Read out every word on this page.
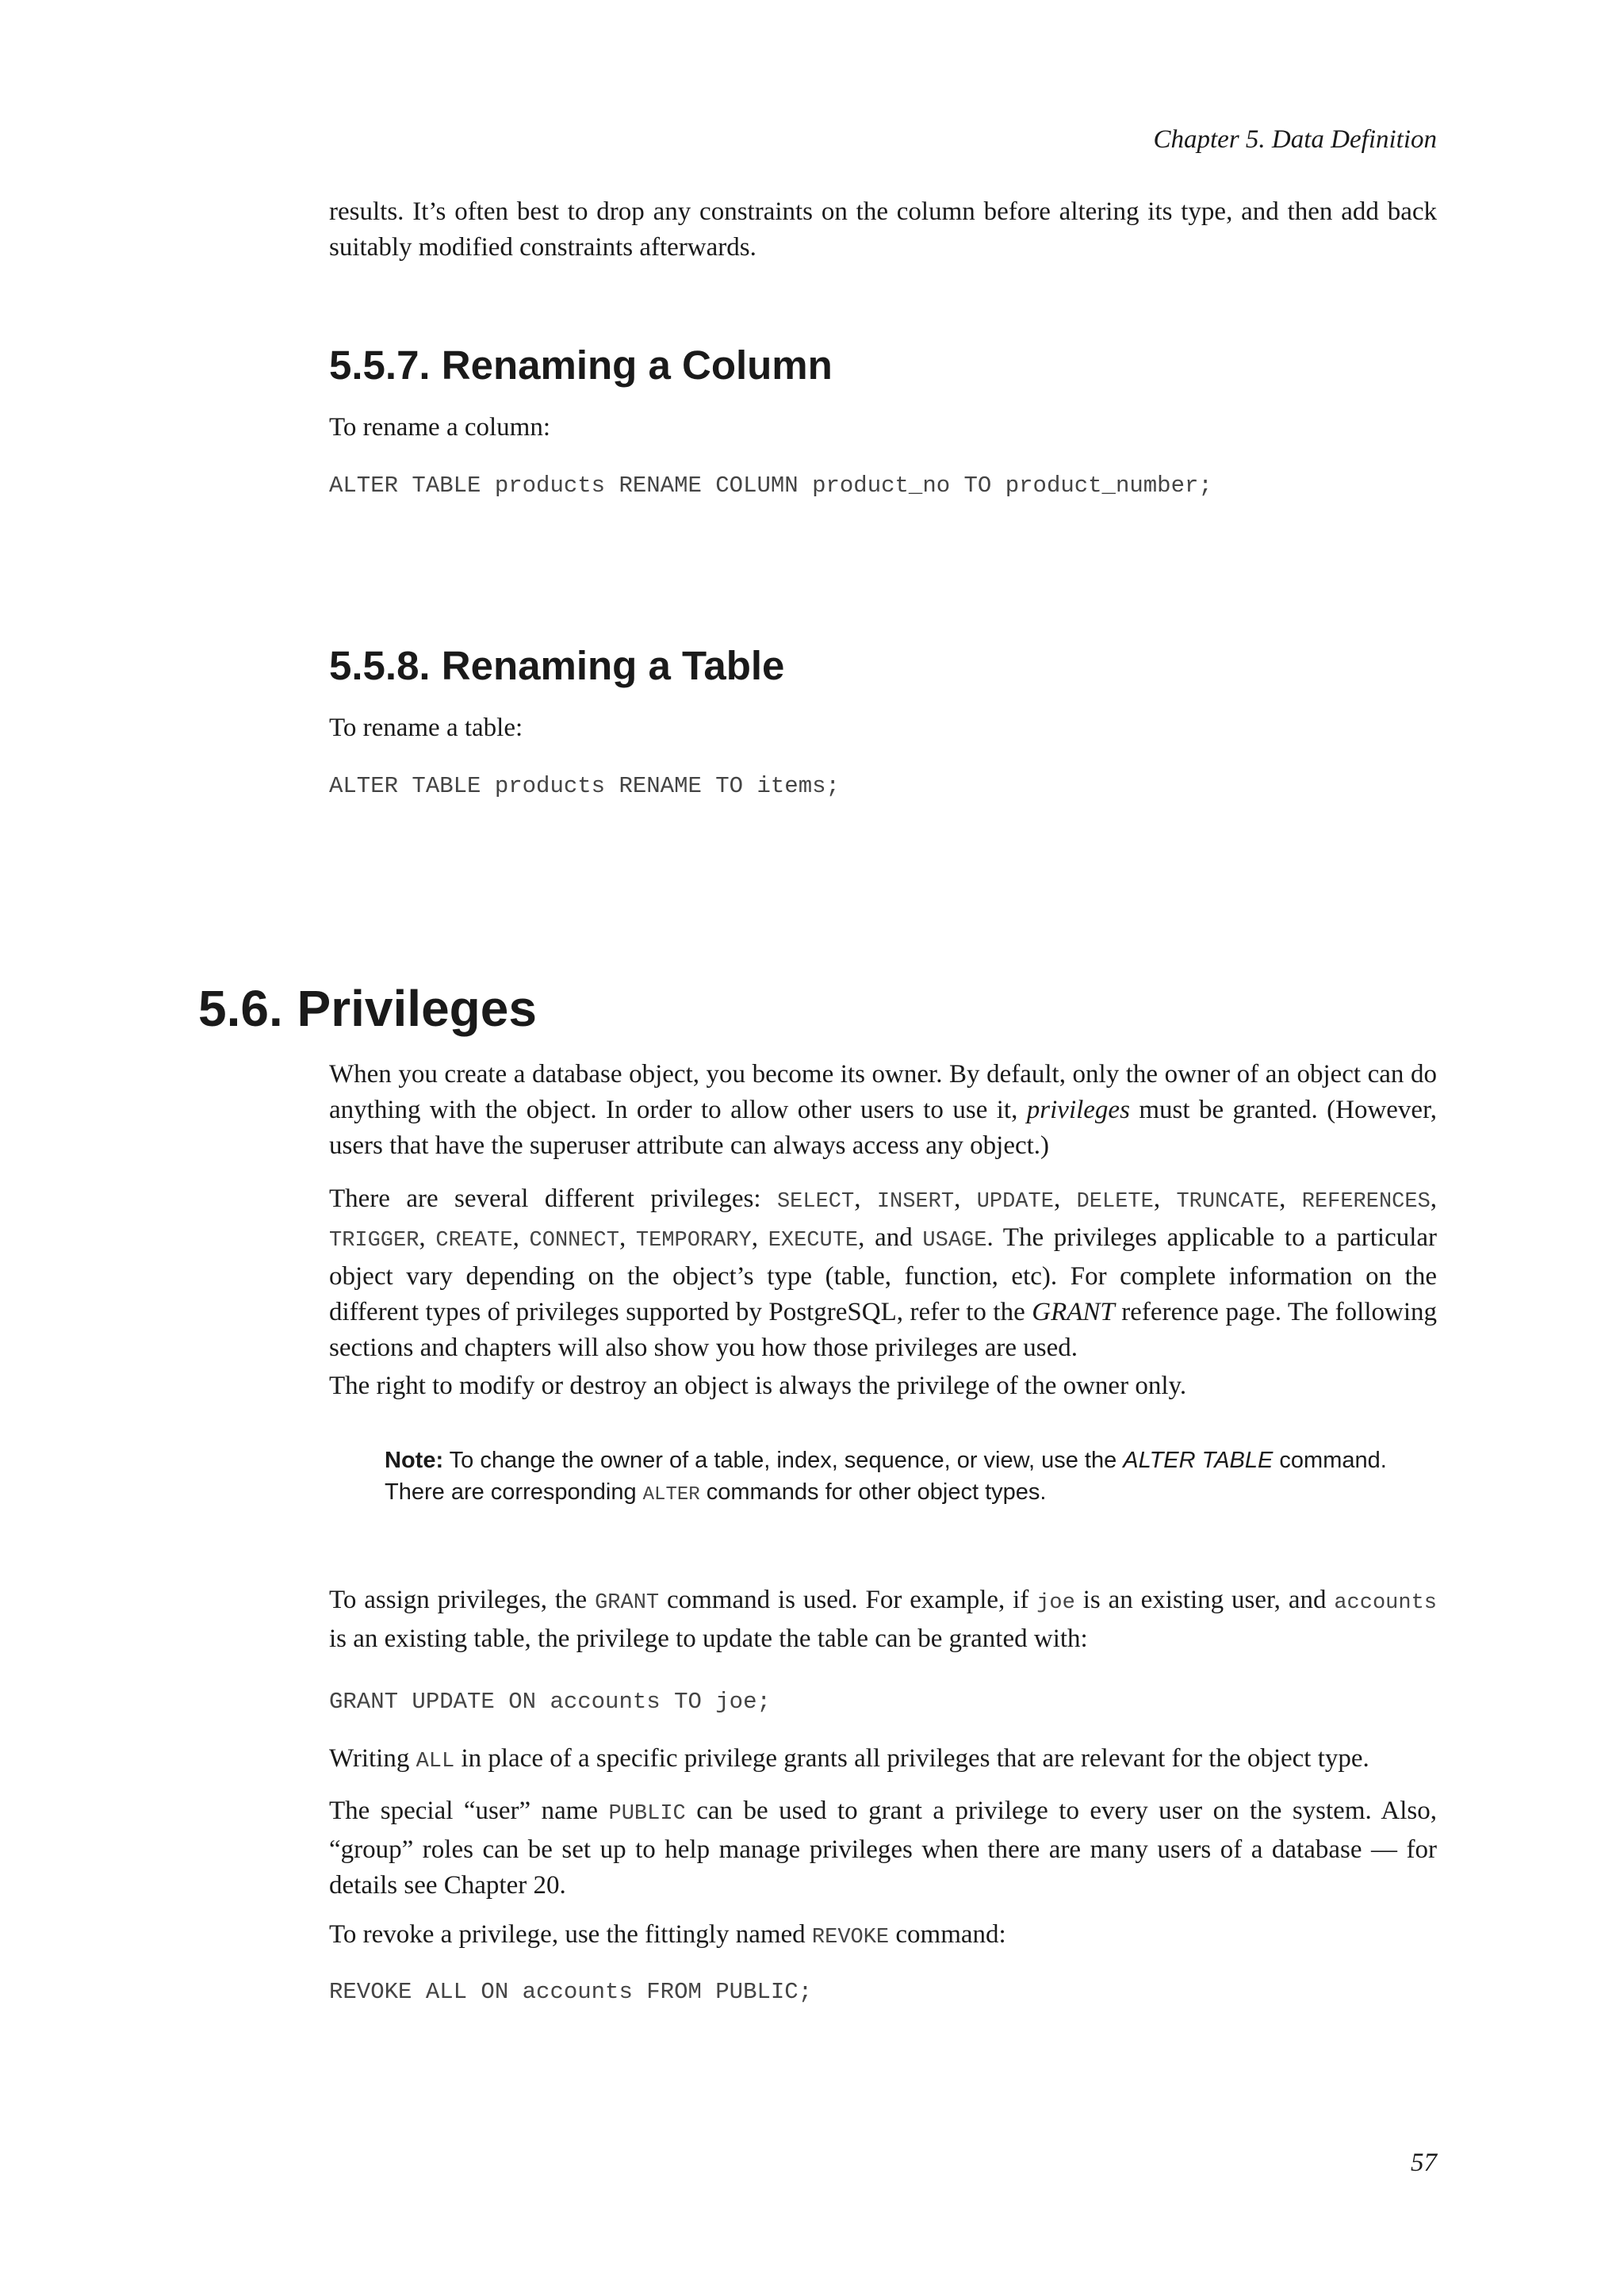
Chapter 5. Data Definition

results. It’s often best to drop any constraints on the column before altering its type, and then add back suitably modified constraints afterwards.

5.5.7. Renaming a Column

To rename a column:

ALTER TABLE products RENAME COLUMN product_no TO product_number;
5.5.8. Renaming a Table

To rename a table:

ALTER TABLE products RENAME TO items;
5.6. Privileges

When you create a database object, you become its owner. By default, only the owner of an object can do anything with the object. In order to allow other users to use it, privileges must be granted. (However, users that have the superuser attribute can always access any object.)

There are several different privileges: SELECT, INSERT, UPDATE, DELETE, TRUNCATE, REFERENCES, TRIGGER, CREATE, CONNECT, TEMPORARY, EXECUTE, and USAGE. The privileges applicable to a particular object vary depending on the object’s type (table, function, etc). For complete information on the different types of privileges supported by PostgreSQL, refer to the GRANT reference page. The following sections and chapters will also show you how those privileges are used.

The right to modify or destroy an object is always the privilege of the owner only.

Note: To change the owner of a table, index, sequence, or view, use the ALTER TABLE command. There are corresponding ALTER commands for other object types.

To assign privileges, the GRANT command is used. For example, if joe is an existing user, and accounts is an existing table, the privilege to update the table can be granted with:

GRANT UPDATE ON accounts TO joe;

Writing ALL in place of a specific privilege grants all privileges that are relevant for the object type.

The special “user” name PUBLIC can be used to grant a privilege to every user on the system. Also, “group” roles can be set up to help manage privileges when there are many users of a database — for details see Chapter 20.

To revoke a privilege, use the fittingly named REVOKE command:

REVOKE ALL ON accounts FROM PUBLIC;
57
